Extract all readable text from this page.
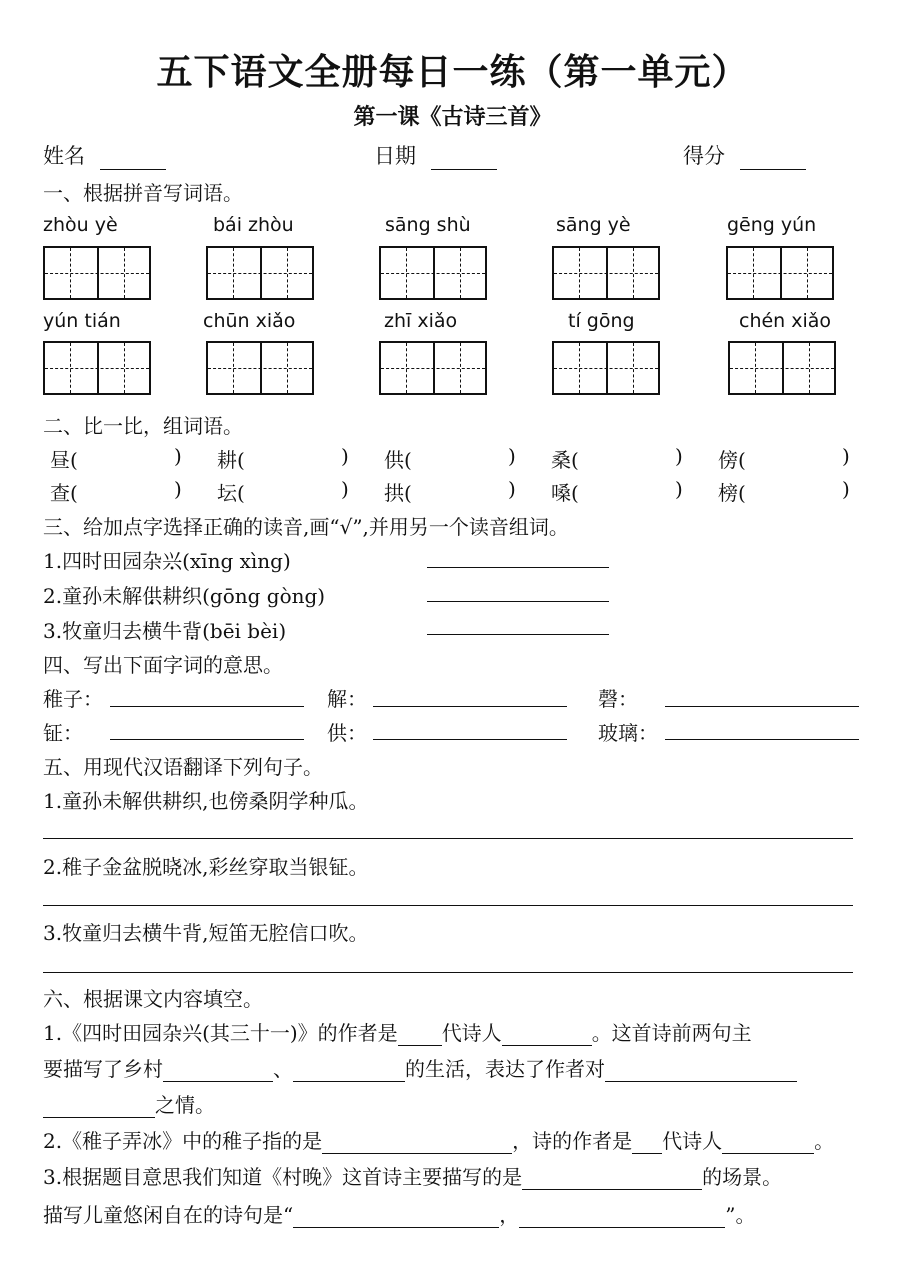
五下语文全册每日一练（第一单元）
第一课《古诗三首》
姓名	日期	得分
一、根据拼音写词语。
zhòu yè	bái zhòu	sāng shù	sāng yè	gēng yún
yún tián	chūn xiǎo	zhī xiǎo	tí gōng	chén xiǎo
二、比一比，组词语。
昼(	) 耕(	) 供(	) 桑(	) 傍(	)
查(	) 坛(	) 拱(	) 嗓(	) 榜(	)
三、给加点字选择正确的读音,画“√”,并用另一个读音组词。
1.四时田园杂兴(xīng xìng)
2.童孙未解供耕织(gōng gòng)
3.牧童归去横牛背(bēi bèi)
四、写出下面字词的意思。
稚子：	解：	磬：
钲：	供：	玻璃：
五、用现代汉语翻译下列句子。
1.童孙未解供耕织,也傍桑阴学种瓜。
2.稚子金盆脱晓冰,彩丝穿取当银钲。
3.牧童归去横牛背,短笛无腔信口吹。
六、根据课文内容填空。
1.《四时田园杂兴(其三十一)》的作者是 代诗人	。这首诗前两句主
要描写了乡村	、	的生活，表达了作者对
之情。
2.《稚子弄冰》中的稚子指的是	，诗的作者是 代诗人	。
3.根据题目意思我们知道《村晚》这首诗主要描写的是	的场景。
描写儿童悠闲自在的诗句是“	，	”。
